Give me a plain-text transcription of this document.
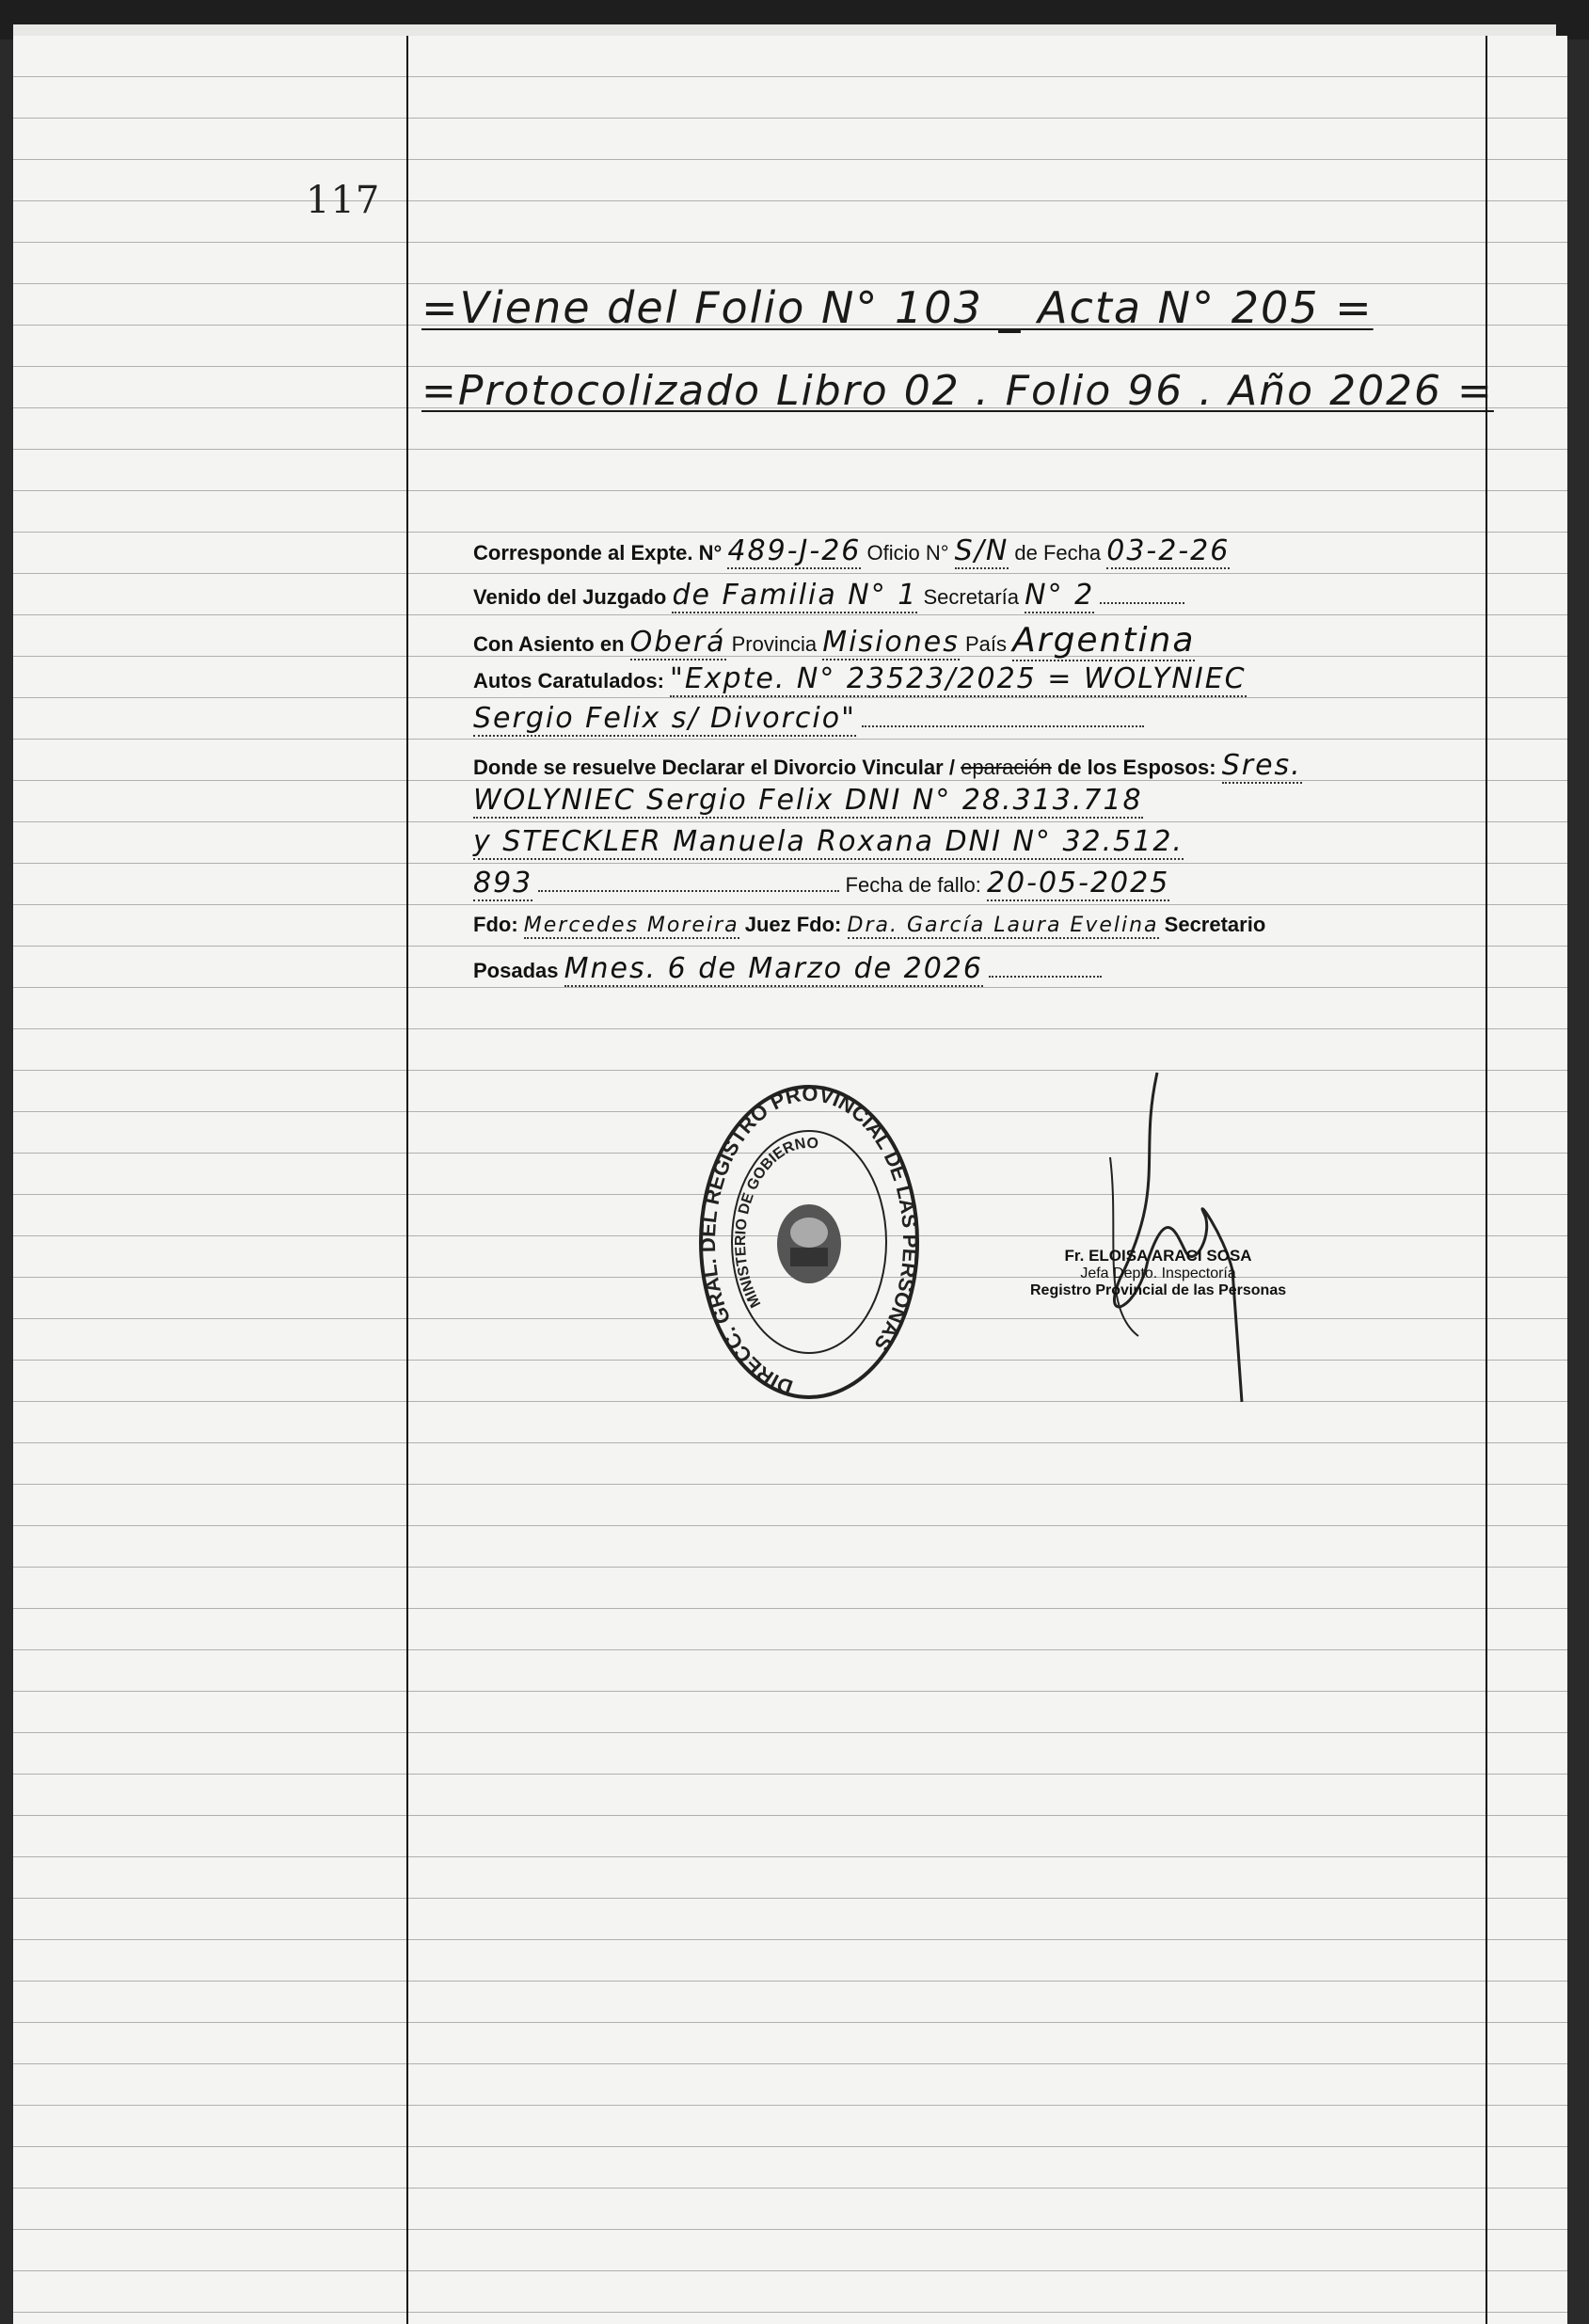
117
=Viene del Folio N° 103 _ Acta N° 205 =
=Protocolizado Libro 02 . Folio 96 . Año 2026 =
Corresponde al Expte. N° 489-J-26 Oficio N° S/N de Fecha 03-2-26
Venido del Juzgado de Familia N° 1 Secretaría N° 2
Con Asiento en Oberá Provincia Misiones País Argentina
Autos Caratulados: "Expte. N° 23523/2025 = WOLYNIEC
Sergio Felix s/ Divorcio"
Donde se resuelve Declarar el Divorcio Vincular / eparación de los Esposos: Sres.
WOLYNIEC Sergio Felix DNI N° 28.313.718
y STECKLER Manuela Roxana DNI N° 32.512.
893	Fecha de fallo: 20-05-2025
Fdo: Mercedes Moreira Juez Fdo: Dra. García Laura Evelina Secretario
Posadas Mnes. 6 de Marzo de 2026
DIRECC. GRAL. DEL REGISTRO PROVINCIAL DE LAS PERSONAS
MINISTERIO DE GOBIERNO
Fr. ELOISA ARACI SOSA
Jefa Depto. Inspectoría
Registro Provincial de las Personas
